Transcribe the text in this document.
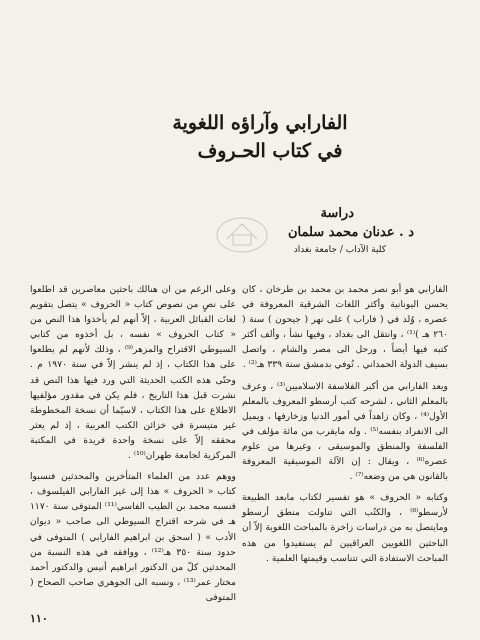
الفارابي وآراؤه اللغوية
في كتاب الحـروف
دراسة
د . عدنان محمد سلمان
كلية الآداب / جامعة بغداد

الفارابي هو أبو نصر محمد بن محمد بن طرخان ، كان يحسن اليونانية وأكثر اللغات الشرقية المعروفة في عصره ، وُلد في ( فاراب ) على نهر ( جيحون ) سنة ( ٢٦٠ هـ )⁽¹⁾ ، وانتقل الى بغداد ، وفيها نشأ ، وألف أكثر كتبه فيها أيضاً ، ورحل الى مصر والشام ، واتصل بسيف الدولة الحمداني . تُوفي بدمشق سنة ٣٣٩ هـ⁽²⁾ .

ويعد الفارابي من أكبر الفلاسفة الاسلاميين⁽³⁾ ، وعرف بالمعلم الثاني ، لشرحه كتب أرسطو المعروف بالمعلم الأول⁽⁴⁾ ، وكان زاهداً في أمور الدنيا وزخارفها ، ويميل الى الانفراد بنفسه⁽⁵⁾ . وله مايقرب من مائة مؤلف في الفلسفة والمنطق والموسيقى ، وغيرها من علوم عصره⁽⁶⁾ ، ويقال : إن الآلة الموسيقية المعروفة بالقانون هي من وضعه⁽⁷⁾ .

وكتابه « الحروف » هو تفسير لكتاب مابعد الطبيعة لأرسطو⁽⁸⁾ ، والكتُب التي تناولت منطق أرسطو ومايتصل به من دراسات زاخرة بالمباحث اللغوية إلاّ أن الباحثين اللغويين العراقيين لم يستفيدوا من هذه المباحث الاستفادة التي تتناسب وقيمتها العلمية .

وعلى الرغم من ان هنالك باحثين معاصرين قد اطلعوا على نصٍ من نصوص كتاب « الحروف » يتصل بتقويم لغات القبائل العربية ، إلاّ أنهم لم يأخذوا هذا النص من « كتاب الحروف » نفسه ، بل أخذوه من كتابي السيوطي الاقتراح والمزهر⁽⁹⁾ ، وذلك لأنهم لم يطلعوا على هذا الكتاب ، إذ لم ينشر إلاّ في سنة ١٩٧٠ م . وحتّى هذه الكتب الحديثة التي ورد فيها هذا النص قد نشرت قبل هذا التاريخ ، فلم يكن في مقدور مؤلفيها الاطلاع على هذا الكتاب ، لاسيّما أن نسخة المخطوطة غير متيسرة في خزائن الكتب العربية ، إذ لم يعثر محققه إلاّ على نسخة واحدة فريدة في المكتبة المركزية لجامعة طهران⁽¹⁰⁾ .

ووهم عدد من العلماء المتأخرين والمحدثين فنسبوا كتاب « الحروف » هذا إلى غير الفارابي الفيلسوف ، فنسبه محمد بن الطيب الفاسي⁽¹¹⁾ المتوفى سنة ١١٧٠ هـ في شرحه اقتراح السيوطي الى صاحب « ديوان الأدب » ( اسحق بن ابراهيم الفارابي ) المتوفى في حدود سنة ٣٥٠ هـ⁽¹²⁾ ، ووافقه في هذه النسبة من المحدثين كلّ من الدكتور ابراهيم أنيس والدكتور أحمد مختار عمر⁽¹³⁾ ، ونسبه الى الجوهري صاحب الصحاح ( المتوفى

١١٠
